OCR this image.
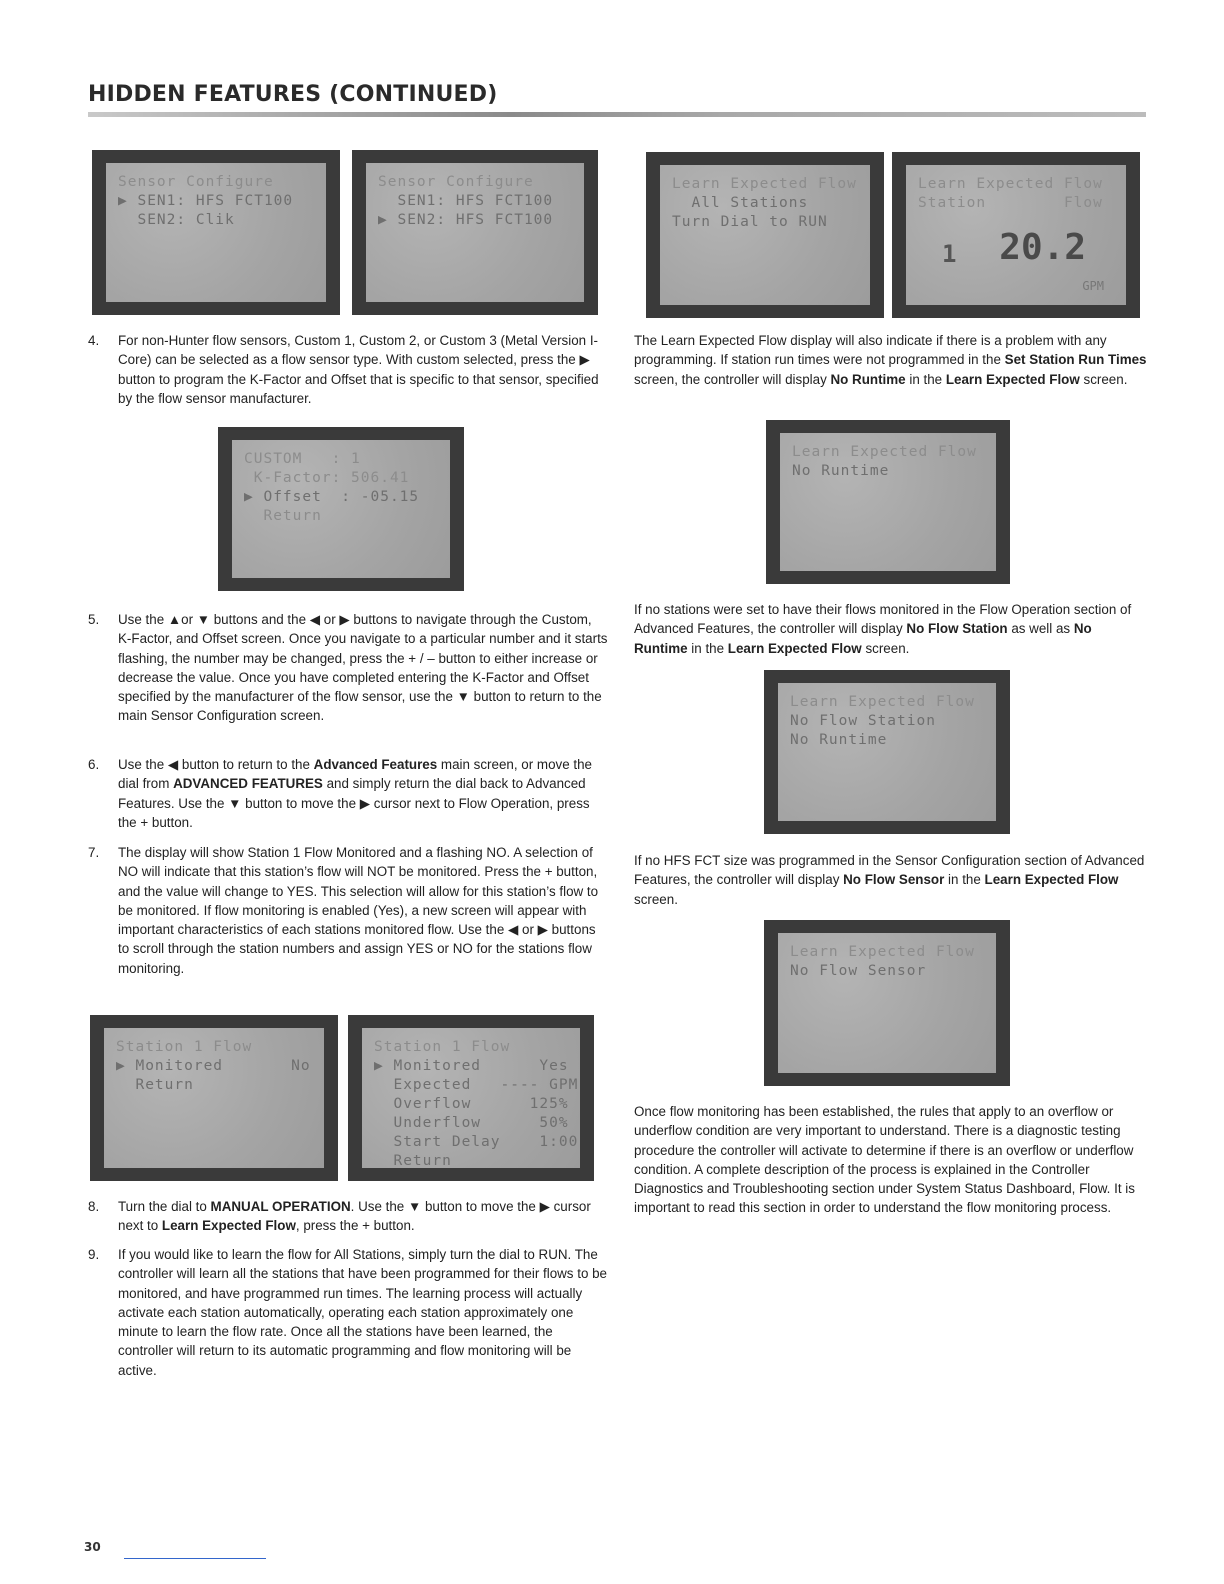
HIDDEN FEATURES (CONTINUED)
Sensor Configure
▶ SEN1: HFS FCT100
SEN2: Clik
Sensor Configure
SEN1: HFS FCT100
▶ SEN2: HFS FCT100
Learn Expected Flow
All Stations
Turn Dial to RUN
Learn Expected Flow
Station        Flow
1 20.2
GPM
4. For non-Hunter flow sensors, Custom 1, Custom 2, or Custom 3 (Metal Version I-Core) can be selected as a flow sensor type. With custom selected, press the ▶ button to program the K-Factor and Offset that is specific to that sensor, specified by the flow sensor manufacturer.
CUSTOM   : 1
K-Factor: 506.41
▶ Offset  : -05.15
Return
5. Use the ▲or ▼ buttons and the ◀ or ▶ buttons to navigate through the Custom, K-Factor, and Offset screen. Once you navigate to a particular number and it starts flashing, the number may be changed, press the + / – button to either increase or decrease the value. Once you have completed entering the K-Factor and Offset specified by the manufacturer of the flow sensor, use the ▼ button to return to the main Sensor Configuration screen.
6. Use the ◀ button to return to the Advanced Features main screen, or move the dial from ADVANCED FEATURES and simply return the dial back to Advanced Features. Use the ▼ button to move the ▶ cursor next to Flow Operation, press the + button.
7. The display will show Station 1 Flow Monitored and a flashing NO. A selection of NO will indicate that this station’s flow will NOT be monitored. Press the + button, and the value will change to YES. This selection will allow for this station’s flow to be monitored. If flow monitoring is enabled (Yes), a new screen will appear with important characteristics of each stations monitored flow. Use the ◀ or ▶ buttons to scroll through the station numbers and assign YES or NO for the stations flow monitoring.
Station 1 Flow
▶ Monitored       No
Return
Station 1 Flow
▶ Monitored      Yes
Expected   ---- GPM
Overflow      125%
Underflow      50%
Start Delay    1:00
Return
8. Turn the dial to MANUAL OPERATION. Use the ▼ button to move the ▶ cursor next to Learn Expected Flow, press the + button.
9. If you would like to learn the flow for All Stations, simply turn the dial to RUN. The controller will learn all the stations that have been programmed for their flows to be monitored, and have programmed run times. The learning process will actually activate each station automatically, operating each station approximately one minute to learn the flow rate. Once all the stations have been learned, the controller will return to its automatic programming and flow monitoring will be active.
The Learn Expected Flow display will also indicate if there is a problem with any programming. If station run times were not programmed in the Set Station Run Times screen, the controller will display No Runtime in the Learn Expected Flow screen.
Learn Expected Flow
No Runtime
If no stations were set to have their flows monitored in the Flow Operation section of Advanced Features, the controller will display No Flow Station as well as No Runtime in the Learn Expected Flow screen.
Learn Expected Flow
No Flow Station
No Runtime
If no HFS FCT size was programmed in the Sensor Configuration section of Advanced Features, the controller will display No Flow Sensor in the Learn Expected Flow screen.
Learn Expected Flow
No Flow Sensor
Once flow monitoring has been established, the rules that apply to an overflow or underflow condition are very important to understand. There is a diagnostic testing procedure the controller will activate to determine if there is an overflow or underflow condition. A complete description of the process is explained in the Controller Diagnostics and Troubleshooting section under System Status Dashboard, Flow. It is important to read this section in order to understand the flow monitoring process.
30
